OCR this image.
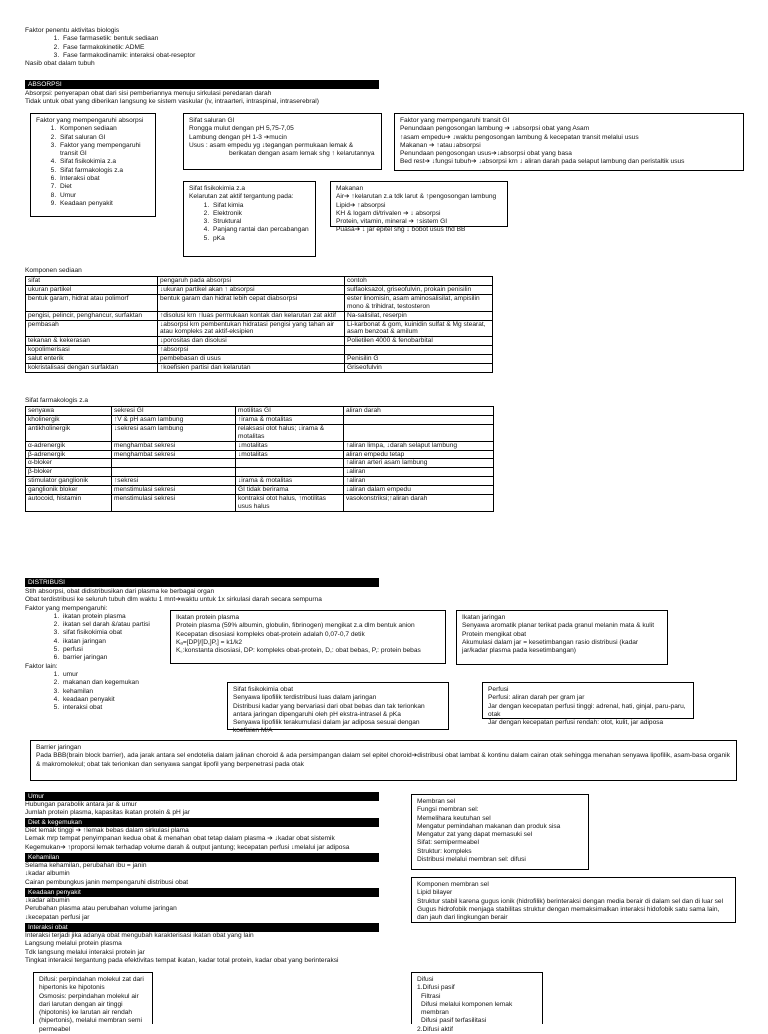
Faktor penentu aktivitas biologis

1. Fase farmasetik: bentuk sediaan
2. Fase farmakokinetik: ADME
3. Fase farmakodinamik: interaksi obat-reseptor

Nasib obat dalam tubuh

ABSORPSI

Absorpsi: penyerapan obat dari sisi pemberiannya menuju sirkulasi peredaran darah

Tidak untuk obat yang diberikan langsung ke sistem vaskular (iv, intraarteri, intraspinal, intraserebral)

Faktor yang mempengaruhi absorpsi

1. Komponen sediaan
2. Sifat saluran GI
3. Faktor yang mempengaruhi transit GI
4. Sifat fisikokimia z.a
5. Sifat farmakologis z.a
6. Interaksi obat
7. Diet
8. Umur
9. Keadaan penyakit

Sifat saluran GI

Rongga mulut dengan pH 5,75-7,05

Lambung dengan pH 1-3 ➔mucin

Usus : asam empedu yg ↓tegangan permukaan lemak &

berikatan dengan asam lemak shg ↑ kelarutannya

Faktor yang mempengaruhi transit GI

Penundaan pengosongan lambung ➔ ↓absorpsi obat yang Asam

↑asam empedu➔ ↓waktu pengosongan lambung & kecepatan transit melalui usus

Makanan ➔ ↑atau↓absorpsi

Penundaan pengosongan usus➔↓absorpsi obat yang basa

Bed rest➔ ↓fungsi tubuh➔ ↓absorpsi krn ↓ aliran darah pada selaput lambung dan peristaltik usus

Sifat fisikokimia z.a

Kelarutan zat aktif tergantung pada:

1. Sifat kimia
2. Elektronik
3. Struktural
4. Panjang rantai dan percabangan
5. pKa

Makanan

Air➔ ↑kelarutan z.a tdk larut & ↑pengosongan lambung

Lipid➔ ↑absorpsi

KH & logam di/trivalen ➔ ↓ absorpsi

Protein, vitamin, mineral ➔ ↑sistem GI

Puasa➔ ↓ jar epitel shg ↓ bobot usus thd BB

Komponen sediaan

sifat	pengaruh pada absorpsi	contoh
ukuran partikel	↓ukuran partikel akan ↑ absorpsi	sulfaoksazol, griseofulvin, prokain penisilin
bentuk garam, hidrat atau polimorf	bentuk garam dan hidrat lebih cepat diabsorpsi	ester linomisin, asam aminosalisilat, ampisilin mono & trihidrat, testosteron
pengisi, pelincir, penghancur, surfaktan	↑disolusi krn ↑luas permukaan kontak dan kelarutan zat aktif	Na-salisilat, reserpin
pembasah	↓absorpsi krn pembentukan hidratasi pengisi yang tahan air atau kompleks zat aktif-eksipien	Li-karbonat & gom, kuinidin sulfat & Mg stearat, asam benzoat & amilum
tekanan & kekerasan	↓porositas dan disolusi	Polietilen 4000 & fenobarbital
kopolimerisasi	↑absorpsi	
salut enterik	pembebasan di usus	Penisilin G
kokristalisasi dengan surfaktan	↑koefisien partisi dan kelarutan	Griseofulvin

Sifat farmakologis z.a

senyawa	sekresi GI	motilitas GI	aliran darah
kholinergik	↑V & pH asam lambung	↑irama & motalitas	
antikholinergik	↓sekresi asam lambung	relaksasi otot halus; ↓irama & motalitas	
α-adrenergik	menghambat sekresi	↓motalitas	↑aliran limpa, ↓darah selaput lambung
β-adrenergik	menghambat sekresi	↓motalitas	aliran empedu tetap
α-bloker			↑aliran arteri asam lambung
β-bloker			↓aliran
stimulator ganglionik	↑sekresi	↓irama & motalitas	↑aliran
ganglionik bloker	menstimulasi sekresi	GI tidak berirama	↓aliran dalam empedu
autocoid, histamin	menstimulasi sekresi	kontraksi otot halus, ↑motilitas usus halus	vasokonstriksi;↑aliran darah
DISTRIBUSI

Stlh absorpsi, obat didistribusikan dari plasma ke berbagai organ

Obat terdistribusi ke seluruh tubuh dlm waktu 1 mnt➔waktu untuk 1x sirkulasi darah secara sempurna

Faktor yang mempengaruhi:

1. ikatan protein plasma
2. ikatan sel darah &/atau partisi
3. sifat fisikokimia obat
4. ikatan jaringan
5. perfusi
6. barrier jaringan

Faktor lain:

1. umur
2. makanan dan kegemukan
3. kehamilan
4. keadaan penyakit
5. interaksi obat

Ikatan protein plasma

Protein plasma (59% albumin, globulin, fibrinogen) mengikat z.a dlm bentuk anion

Kecepatan disosiasi kompleks obat-protein adalah 0,07-0,7 detik

Kₐ=[DP]/[D,]P,] = k1/k2

K꜀:konstanta disosiasi, DP: kompleks obat-protein, D,: obat bebas, P,: protein bebas

Ikatan jaringan

Senyawa aromatik planar terikat pada granul melanin mata & kulit

Protein mengikat obat

Akumulasi dalam jar = kesetimbangan rasio distribusi (kadar jar/kadar plasma pada kesetimbangan)

Sifat fisikokimia obat

Senyawa lipofilik terdistribusi luas dalam jaringan

Distribusi kadar yang bervariasi dari obat bebas dan tak terionkan antara jaringan dipengaruhi oleh pH ekstra-intrasel & pKa

Senyawa lipofilik terakumulasi dalam jar adiposa sesuai dengan koefisien M/A

Perfusi

Perfusi: aliran darah per gram jar

Jar dengan kecepatan perfusi tinggi: adrenal, hati, ginjal, paru-paru, otak

Jar dengan kecepatan perfusi rendah: otot, kulit, jar adiposa

Barrier jaringan

Pada BBB(brain block barrier), ada jarak antara sel endotelia dalam jalinan choroid & ada persimpangan dalam sel epitel choroid➔distribusi obat lambat & kontinu dalam cairan otak sehingga menahan senyawa lipofilik, asam-basa organik & makromolekul; obat tak terionkan dan senyawa sangat lipofil yang berpenetrasi pada otak

Umur

Hubungan parabolik antara jar & umur

Jumlah protein plasma, kapasitas ikatan protein & pH jar

Diet & kegemukan

Diet lemak tinggi ➔ ↑lemak bebas dalam sirkulasi plama

Lemak mrp tempat penyimpanan kedua obat & menahan obat tetap dalam plasma ➔ ↓kadar obat sistemik

Kegemukan➔ ↑proporsi lemak terhadap volume darah & output jantung; kecepatan perfusi ↓melalui jar adiposa

Kehamilan

Selama kehamilan, perubahan ibu = janin

↓kadar albumin

Cairan pembungkus janin mempengaruhi distribusi obat

Keadaan penyakit

↓kadar albumin

Perubahan plasma atau perubahan volume jaringan

↓kecepatan perfusi jar

Interaksi obat

Interaksi terjadi jika adanya obat mengubah karakterisasi ikatan obat yang lain

Langsung melalui protein plasma

Tdk langsung melalui interaksi protein jar

Tingkat interaksi tergantung pada efektivitas tempat ikatan, kadar total protein, kadar obat yang berinteraksi

Membran sel

Fungsi membran sel:

Memelihara keutuhan sel

Mengatur pemindahan makanan dan produk sisa

Mengatur zat yang dapat memasuki sel

Sifat: semipermeabel

Struktur: kompleks

Distribusi melalui membran sel: difusi

Komponen membran sel

Lipid bilayer

Struktur stabil karena gugus ionik (hidrofilik) berinteraksi dengan media berair di dalam sel dan di luar sel

Gugus hidrofobik menjaga stabilitas struktur dengan memaksimalkan interaksi hidofobik satu sama lain, dan jauh dari lingkungan berair

Difusi: perpindahan molekul zat dari hipertonis ke hipotonis

Osmosis: perpindahan molekul air dari larutan dengan air tinggi (hipotonis) ke larutan air rendah (hipertonis), melalui membran semi permeabel

Difusi

1.Difusi pasif

Filtrasi

Difusi melalui komponen lemak membran

Difusi pasif terfasilitasi

2.Difusi aktif
